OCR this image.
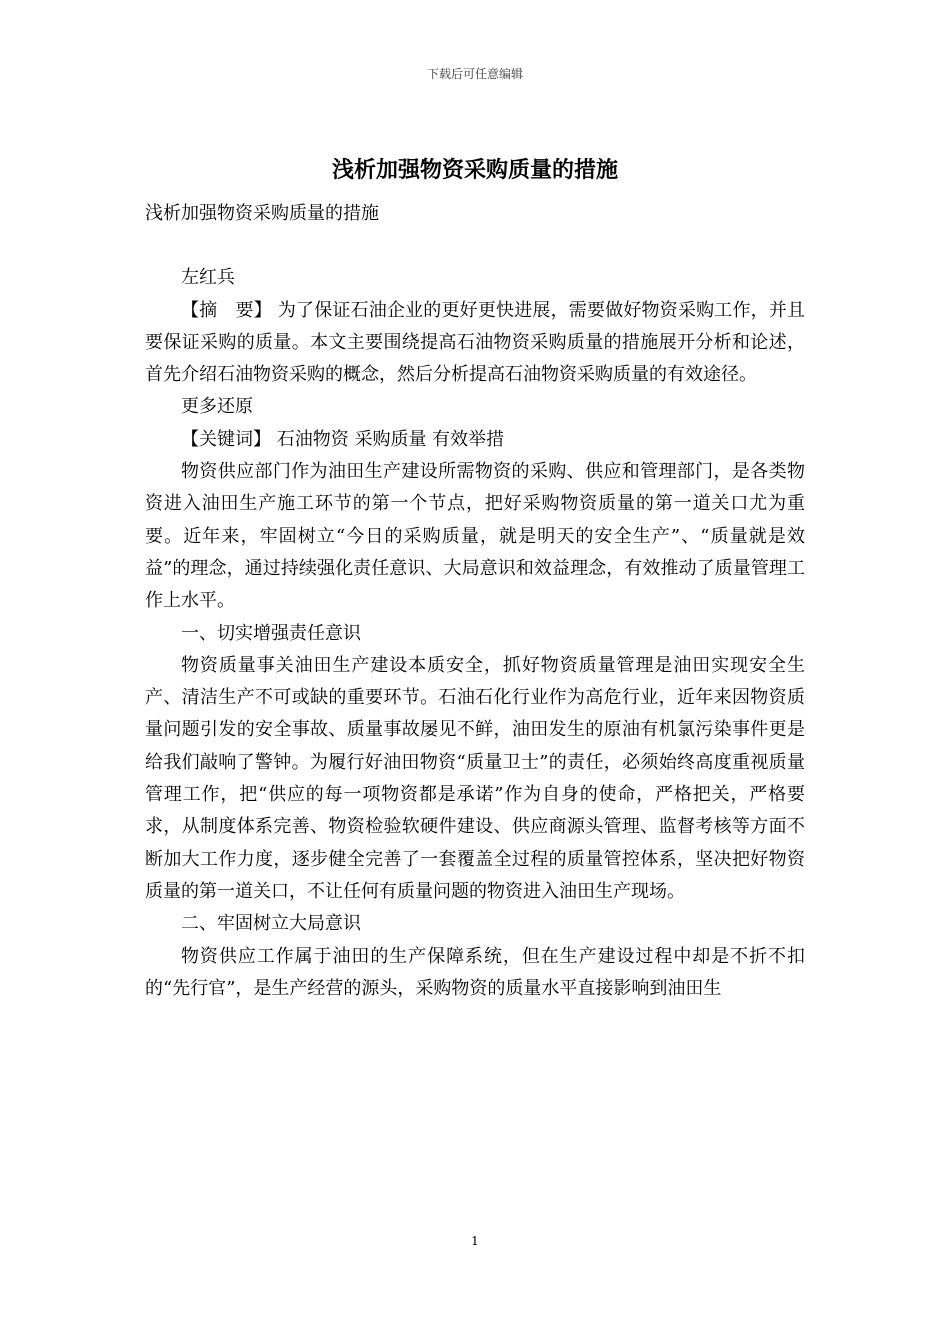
下载后可任意编辑
浅析加强物资采购质量的措施

浅析加强物资采购质量的措施

左红兵

【摘　要】 为了保证石油企业的更好更快进展，需要做好物资采购工作，并且要保证采购的质量。本文主要围绕提高石油物资采购质量的措施展开分析和论述，首先介绍石油物资采购的概念，然后分析提高石油物资采购质量的有效途径。

更多还原

【关键词】 石油物资 采购质量 有效举措

物资供应部门作为油田生产建设所需物资的采购、供应和管理部门，是各类物资进入油田生产施工环节的第一个节点，把好采购物资质量的第一道关口尤为重要。近年来，牢固树立“今日的采购质量，就是明天的安全生产”、“质量就是效益”的理念，通过持续强化责任意识、大局意识和效益理念，有效推动了质量管理工作上水平。

一、切实增强责任意识

物资质量事关油田生产建设本质安全，抓好物资质量管理是油田实现安全生产、清洁生产不可或缺的重要环节。石油石化行业作为高危行业，近年来因物资质量问题引发的安全事故、质量事故屡见不鲜，油田发生的原油有机氯污染事件更是给我们敲响了警钟。为履行好油田物资“质量卫士”的责任，必须始终高度重视质量管理工作，把“供应的每一项物资都是承诺”作为自身的使命，严格把关，严格要求，从制度体系完善、物资检验软硬件建设、供应商源头管理、监督考核等方面不断加大工作力度，逐步健全完善了一套覆盖全过程的质量管控体系，坚决把好物资质量的第一道关口，不让任何有质量问题的物资进入油田生产现场。

二、牢固树立大局意识

物资供应工作属于油田的生产保障系统，但在生产建设过程中却是不折不扣的“先行官”，是生产经营的源头，采购物资的质量水平直接影响到油田生

1
